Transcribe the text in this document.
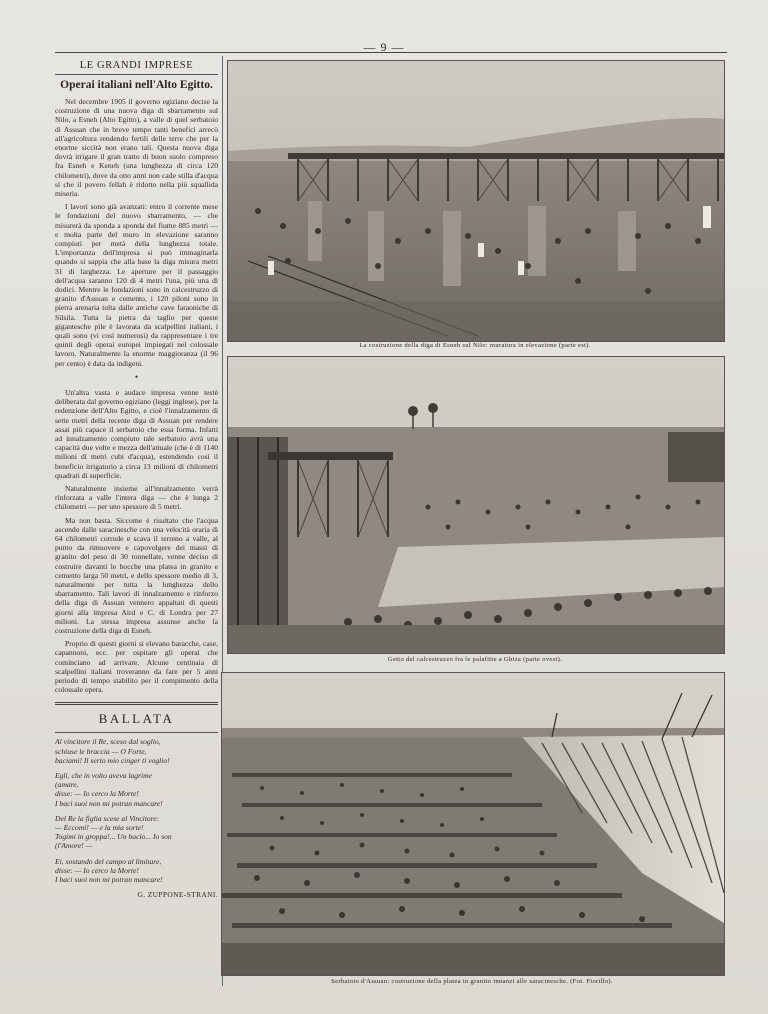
— 9 —
LE GRANDI IMPRESE
Operai italiani nell'Alto Egitto.

Nel decembre 1905 il governo egiziano decise la costruzione di una nuova diga di sbarramento sul Nilo, a Esneh (Alto Egitto), a valle di quel serbatoio di Assuan che in breve tempo tanti benefici arrecò all'agricoltura rendendo fertili delle terre che per la enorme siccità non erano tali. Questa nuova diga dovrà irrigare il gran tratto di buon suolo compreso fra Esneh e Keneh (una lunghezza di circa 120 chilometri), dove da otto anni non cade stilla d'acqua sì che il povero fellah è ridotto nella più squallida miseria.

I lavori sono già avanzati: entro il corrente mese le fondazioni del nuovo sbarramento, — che misurerà da sponda a sponda del fiume 885 metri — e molta parte del muro in elevazione saranno compiuti per metà della lunghezza totale. L'importanza dell'impresa si può immaginarla quando si sappia che alla base la diga misura metri 31 di larghezza. Le aperture per il passaggio dell'acqua saranno 120 di 4 metri l'una, più una di dodici. Mentre le fondazioni sono in calcestruzzo di granito d'Assuan e cemento, i 120 piloni sono in pietra arenaria tolta dalle antiche cave faraoniche di Silsila. Tutta la pietra da taglio per queste gigantesche pile è lavorata da scalpellini italiani, i quali sono (vi così numerosi) da rappresentare i tre quinti degli operai europei impiegati nel colossale lavoro. Naturalmente la enorme maggioranza (il 96 per cento) è data da indigeni.

•

Un'altra vasta e audace impresa venne testè deliberata dal governo egiziano (leggi inglese), per la redenzione dell'Alto Egitto, e cioè l'innalzamento di sette metri della recente diga di Assuan per rendere assai più capace il serbatoio che essa forma. Infatti ad innalzamento compiuto tale serbatoio avrà una capacità due volte e mezza dell'attuale (che è di 1140 milioni di metri cubi d'acqua), estendendo così il beneficio irrigatorio a circa 13 milioni di chilometri quadrati di superficie.

Naturalmente insieme all'innalzamento verrà rinforzata a valle l'intera diga — che è lunga 2 chilometri — per uno spessore di 5 metri.

Ma non basta. Siccome è risultato che l'acqua ascendo dalle saracinesche con una velocità oraria di 64 chilometri corrode e scava il terreno a valle, al punto da rimuovere e capovolgere dei massi di granito del peso di 30 tonnellate, venne deciso di costruire davanti le bocche una platea in granito e cemento larga 50 metri, e dello spessore medio di 3, naturalmente per tutta la lunghezza dello sbarramento. Tali lavori di innalzamento e rinforzo della diga di Assuan vennero appaltati di questi giorni alla impresa Aird e C. di Londra per 27 milioni. La stessa impresa assunse anche la costruzione della diga di Esneh.

Proprio di questi giorni si elevano baracche, case, capannoni, ecc. per ospitare gli operai che cominciano ad arrivare. Alcune centinaia di scalpellini italiani troveranno da fare per 5 anni periodo di tempo stabilito per il compimento della colossale opera.

BALLATA
Al vincitore il Re, sceso dal soglio,
schiuse le braccia — O Forte,
baciami! Il serto mio cinger ti voglio!
Egli, che in volto aveva lagrime
(amare,
disse: — Io cerco la Morte!
I baci suoi non mi potran mancare!
Del Re la figlia scese al Vincitore:
— Eccomi! — e la mia sorte!
Togimi in groppa!... Un bacio... Io son
(l'Amore! —
Ei, sostando del campo al limitare,
disse: — Io cerco la Morte!
I baci suoi non mi potran mancare!
G. ZUPPONE-STRANI.
La costruzione della diga di Esneh sul Nilo: muratura in elevazione (parte est).
Getto del calcestruzzo fra le palafitte a Ghiza (parte ovest).
Serbatoio d'Assuan: costruzione della platea in granito innanzi alle saracinesche. (Fot. Fiorillo).
